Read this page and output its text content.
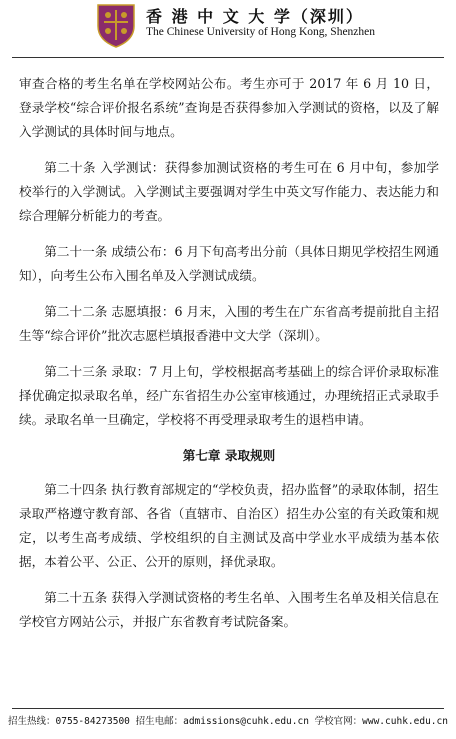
香 港 中 文 大 学（深圳）
The Chinese University of Hong Kong, Shenzhen

审查合格的考生名单在学校网站公布。考生亦可于 2017 年 6 月 10 日，登录学校“综合评价报名系统”查询是否获得参加入学测试的资格，以及了解入学测试的具体时间与地点。

第二十条 入学测试：获得参加测试资格的考生可在 6 月中旬，参加学校举行的入学测试。入学测试主要强调对学生中英文写作能力、表达能力和综合理解分析能力的考查。

第二十一条 成绩公布：6 月下旬高考出分前（具体日期见学校招生网通知），向考生公布入围名单及入学测试成绩。

第二十二条 志愿填报：6 月末，入围的考生在广东省高考提前批自主招生等“综合评价”批次志愿栏填报香港中文大学（深圳）。

第二十三条 录取：7 月上旬，学校根据高考基础上的综合评价录取标准择优确定拟录取名单，经广东省招生办公室审核通过，办理统招正式录取手续。录取名单一旦确定，学校将不再受理录取考生的退档申请。

第七章 录取规则

第二十四条 执行教育部规定的“学校负责，招办监督”的录取体制，招生录取严格遵守教育部、各省（直辖市、自治区）招生办公室的有关政策和规定，以考生高考成绩、学校组织的自主测试及高中学业水平成绩为基本依据，本着公平、公正、公开的原则，择优录取。

第二十五条 获得入学测试资格的考生名单、入围考生名单及相关信息在学校官方网站公示，并报广东省教育考试院备案。

招生热线：0755-84273500 招生电邮：admissions@cuhk.edu.cn 学校官网：www.cuhk.edu.cn
